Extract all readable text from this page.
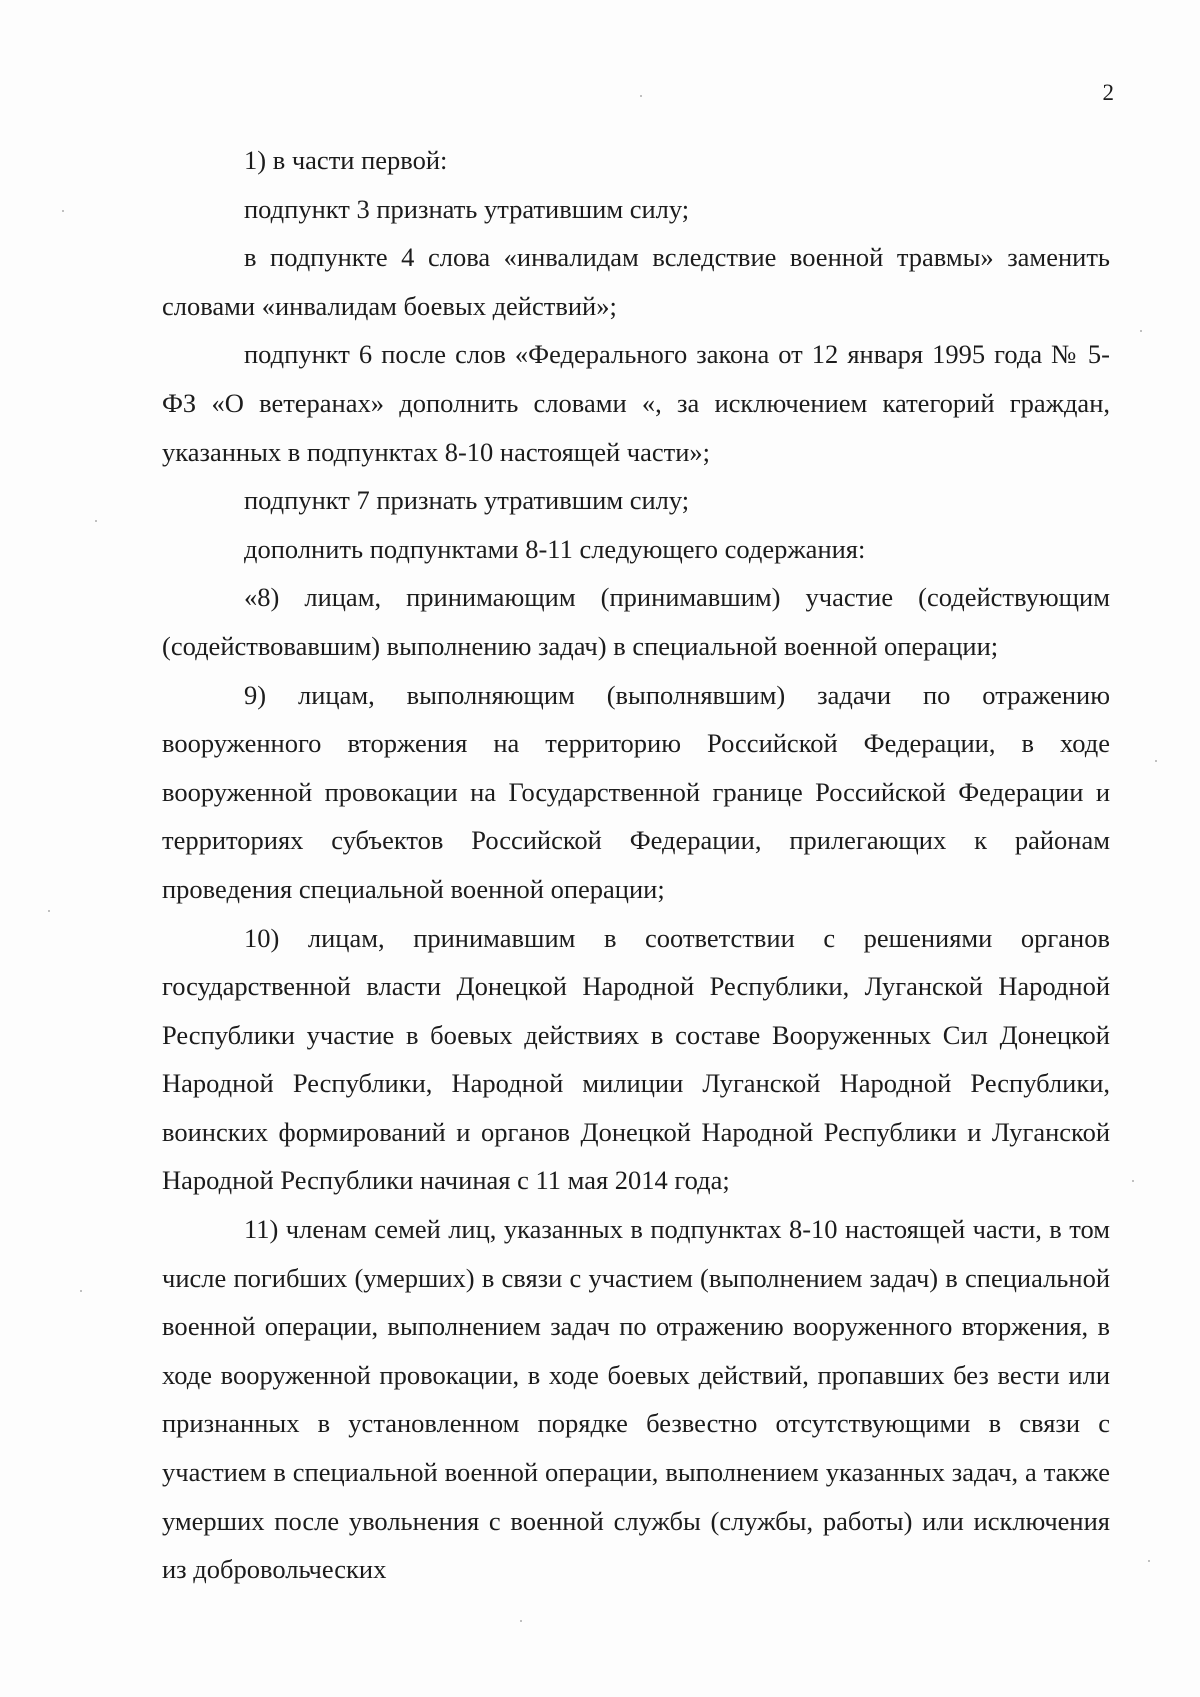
2

1) в части первой:

подпункт 3 признать утратившим силу;

в подпункте 4 слова «инвалидам вследствие военной травмы» заменить словами «инвалидам боевых действий»;

подпункт 6 после слов «Федерального закона от 12 января 1995 года № 5-ФЗ «О ветеранах» дополнить словами «, за исключением категорий граждан, указанных в подпунктах 8-10 настоящей части»;

подпункт 7 признать утратившим силу;

дополнить подпунктами 8-11 следующего содержания:

«8) лицам, принимающим (принимавшим) участие (содействующим (содействовавшим) выполнению задач) в специальной военной операции;

9) лицам, выполняющим (выполнявшим) задачи по отражению вооруженного вторжения на территорию Российской Федерации, в ходе вооруженной провокации на Государственной границе Российской Федерации и территориях субъектов Российской Федерации, прилегающих к районам проведения специальной военной операции;

10) лицам, принимавшим в соответствии с решениями органов государственной власти Донецкой Народной Республики, Луганской Народной Республики участие в боевых действиях в составе Вооруженных Сил Донецкой Народной Республики, Народной милиции Луганской Народной Республики, воинских формирований и органов Донецкой Народной Республики и Луганской Народной Республики начиная с 11 мая 2014 года;

11) членам семей лиц, указанных в подпунктах 8-10 настоящей части, в том числе погибших (умерших) в связи с участием (выполнением задач) в специальной военной операции, выполнением задач по отражению вооруженного вторжения, в ходе вооруженной провокации, в ходе боевых действий, пропавших без вести или признанных в установленном порядке безвестно отсутствующими в связи с участием в специальной военной операции, выполнением указанных задач, а также умерших после увольнения с военной службы (службы, работы) или исключения из добровольческих
